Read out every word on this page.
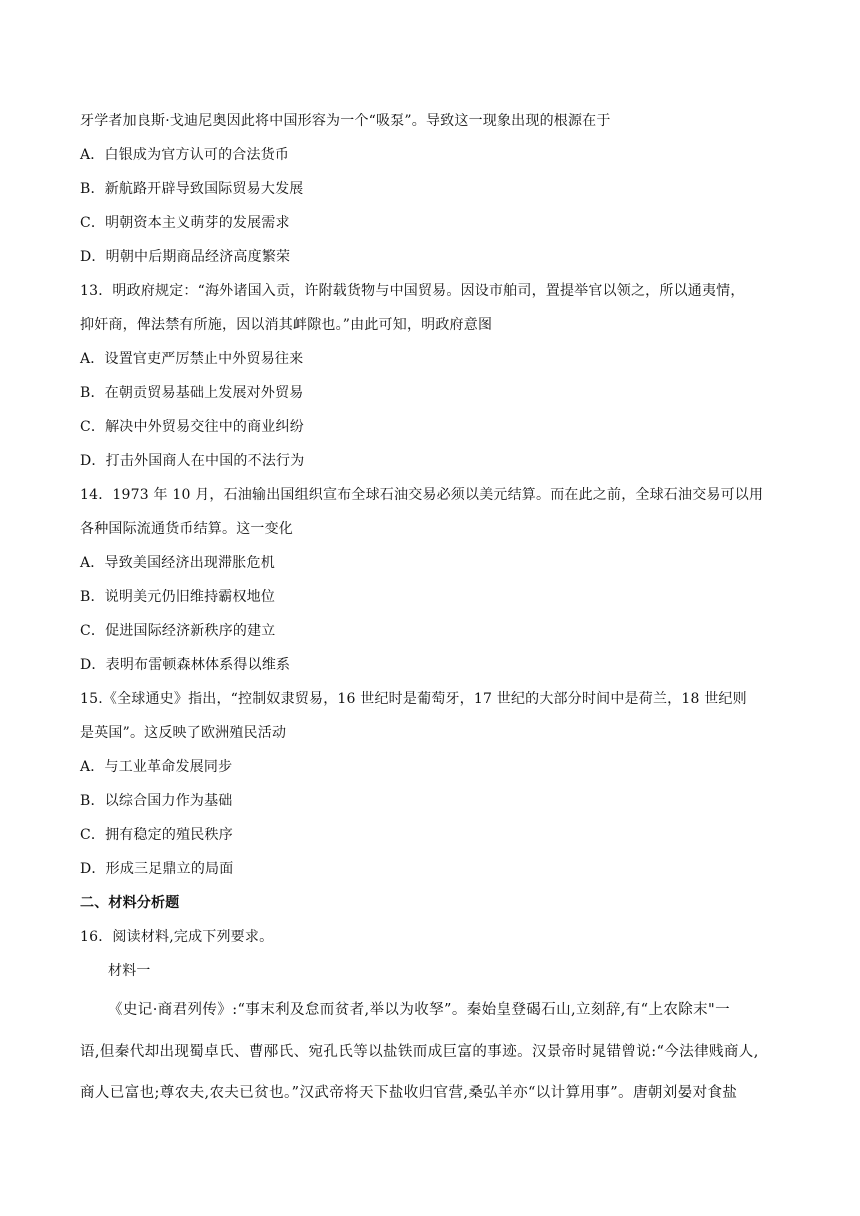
牙学者加良斯·戈迪尼奥因此将中国形容为一个“吸泵”。导致这一现象出现的根源在于
A．白银成为官方认可的合法货币
B．新航路开辟导致国际贸易大发展
C．明朝资本主义萌芽的发展需求
D．明朝中后期商品经济高度繁荣
13．明政府规定：“海外诸国入贡，许附载货物与中国贸易。因设市舶司，置提举官以领之，所以通夷情，
抑奸商，俾法禁有所施，因以消其衅隙也。”由此可知，明政府意图
A．设置官吏严厉禁止中外贸易往来
B．在朝贡贸易基础上发展对外贸易
C．解决中外贸易交往中的商业纠纷
D．打击外国商人在中国的不法行为
14．1973 年 10 月，石油输出国组织宣布全球石油交易必须以美元结算。而在此之前，全球石油交易可以用
各种国际流通货币结算。这一变化
A．导致美国经济出现滞胀危机
B．说明美元仍旧维持霸权地位
C．促进国际经济新秩序的建立
D．表明布雷顿森林体系得以维系
15.《全球通史》指出，“控制奴隶贸易，16 世纪时是葡萄牙，17 世纪的大部分时间中是荷兰，18 世纪则
是英国”。这反映了欧洲殖民活动
A．与工业革命发展同步
B．以综合国力作为基础
C．拥有稳定的殖民秩序
D．形成三足鼎立的局面
二、材料分析题
16．阅读材料,完成下列要求。
材料一
《史记·商君列传》:“事末利及怠而贫者,举以为收孥”。秦始皇登碣石山,立刻辞,有“上农除末"一
语,但秦代却出现蜀卓氏、曹邴氏、宛孔氏等以盐铁而成巨富的事迹。汉景帝时晁错曾说:“今法律贱商人,
商人已富也;尊农夫,农夫已贫也。”汉武帝将天下盐收归官营,桑弘羊亦“以计算用事”。唐朝刘晏对食盐
